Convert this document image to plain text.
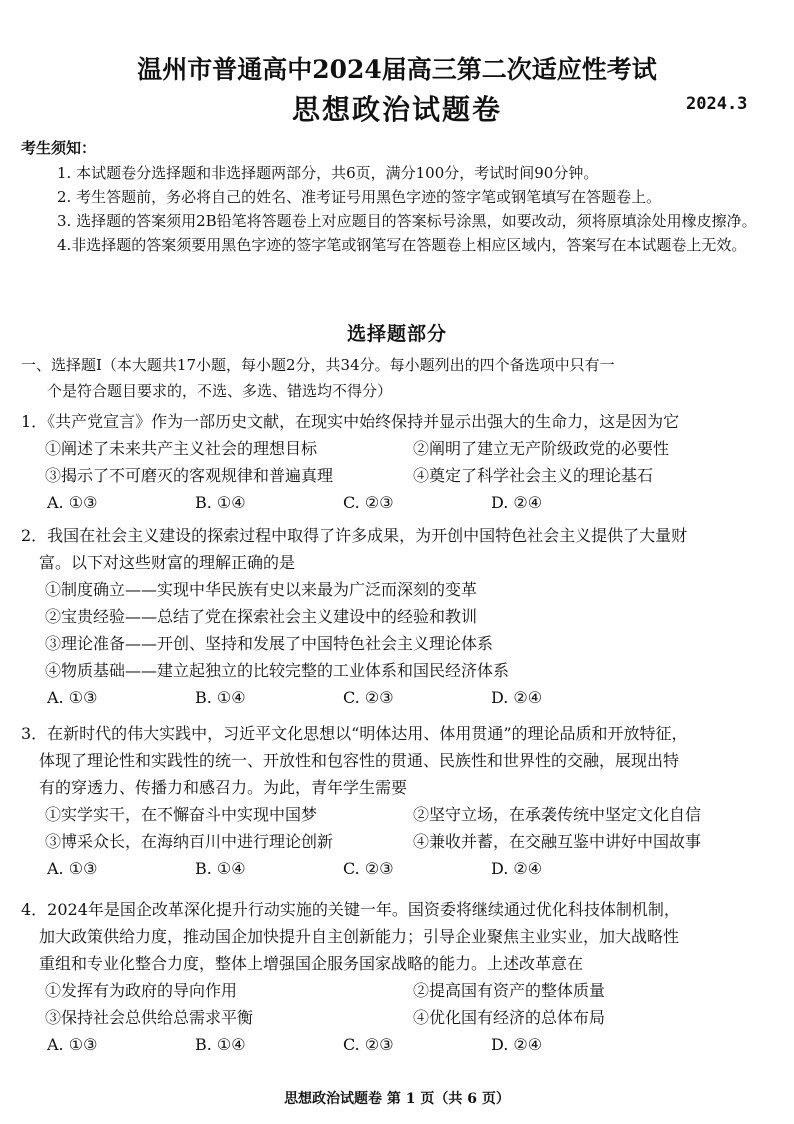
温州市普通高中2024届高三第二次适应性考试
思想政治试题卷	2024.3
考生须知：

1. 本试题卷分选择题和非选择题两部分，共6页，满分100分，考试时间90分钟。

2. 考生答题前，务必将自己的姓名、准考证号用黑色字迹的签字笔或钢笔填写在答题卷上。

3. 选择题的答案须用2B铅笔将答题卷上对应题目的答案标号涂黑，如要改动，须将原填涂处用橡皮擦净。

4.非选择题的答案须要用黑色字迹的签字笔或钢笔写在答题卷上相应区域内，答案写在本试题卷上无效。

选择题部分
一、选择题Ⅰ（本大题共17小题，每小题2分，共34分。每小题列出的四个备选项中只有一
个是符合题目要求的，不选、多选、错选均不得分）
1．《共产党宣言》作为一部历史文献，在现实中始终保持并显示出强大的生命力，这是因为它
①阐述了未来共产主义社会的理想目标	②阐明了建立无产阶级政党的必要性
③揭示了不可磨灭的客观规律和普遍真理	④奠定了科学社会主义的理论基石
A. ①③	B. ①④	C. ②③	D. ②④
2．我国在社会主义建设的探索过程中取得了许多成果，为开创中国特色社会主义提供了大量财
富。以下对这些财富的理解正确的是
①制度确立——实现中华民族有史以来最为广泛而深刻的变革
②宝贵经验——总结了党在探索社会主义建设中的经验和教训
③理论准备——开创、坚持和发展了中国特色社会主义理论体系
④物质基础——建立起独立的比较完整的工业体系和国民经济体系
A. ①③	B. ①④	C. ②③	D. ②④
3．在新时代的伟大实践中，习近平文化思想以“明体达用、体用贯通”的理论品质和开放特征，
体现了理论性和实践性的统一、开放性和包容性的贯通、民族性和世界性的交融，展现出特
有的穿透力、传播力和感召力。为此，青年学生需要
①实学实干，在不懈奋斗中实现中国梦	②坚守立场，在承袭传统中坚定文化自信
③博采众长，在海纳百川中进行理论创新	④兼收并蓄，在交融互鉴中讲好中国故事
A. ①③	B. ①④	C. ②③	D. ②④
4．2024年是国企改革深化提升行动实施的关键一年。国资委将继续通过优化科技体制机制，
加大政策供给力度，推动国企加快提升自主创新能力；引导企业聚焦主业实业，加大战略性
重组和专业化整合力度，整体上增强国企服务国家战略的能力。上述改革意在
①发挥有为政府的导向作用	②提高国有资产的整体质量
③保持社会总供给总需求平衡	④优化国有经济的总体布局
A. ①③	B. ①④	C. ②③	D. ②④
思想政治试题卷 第 1 页（共 6 页）
